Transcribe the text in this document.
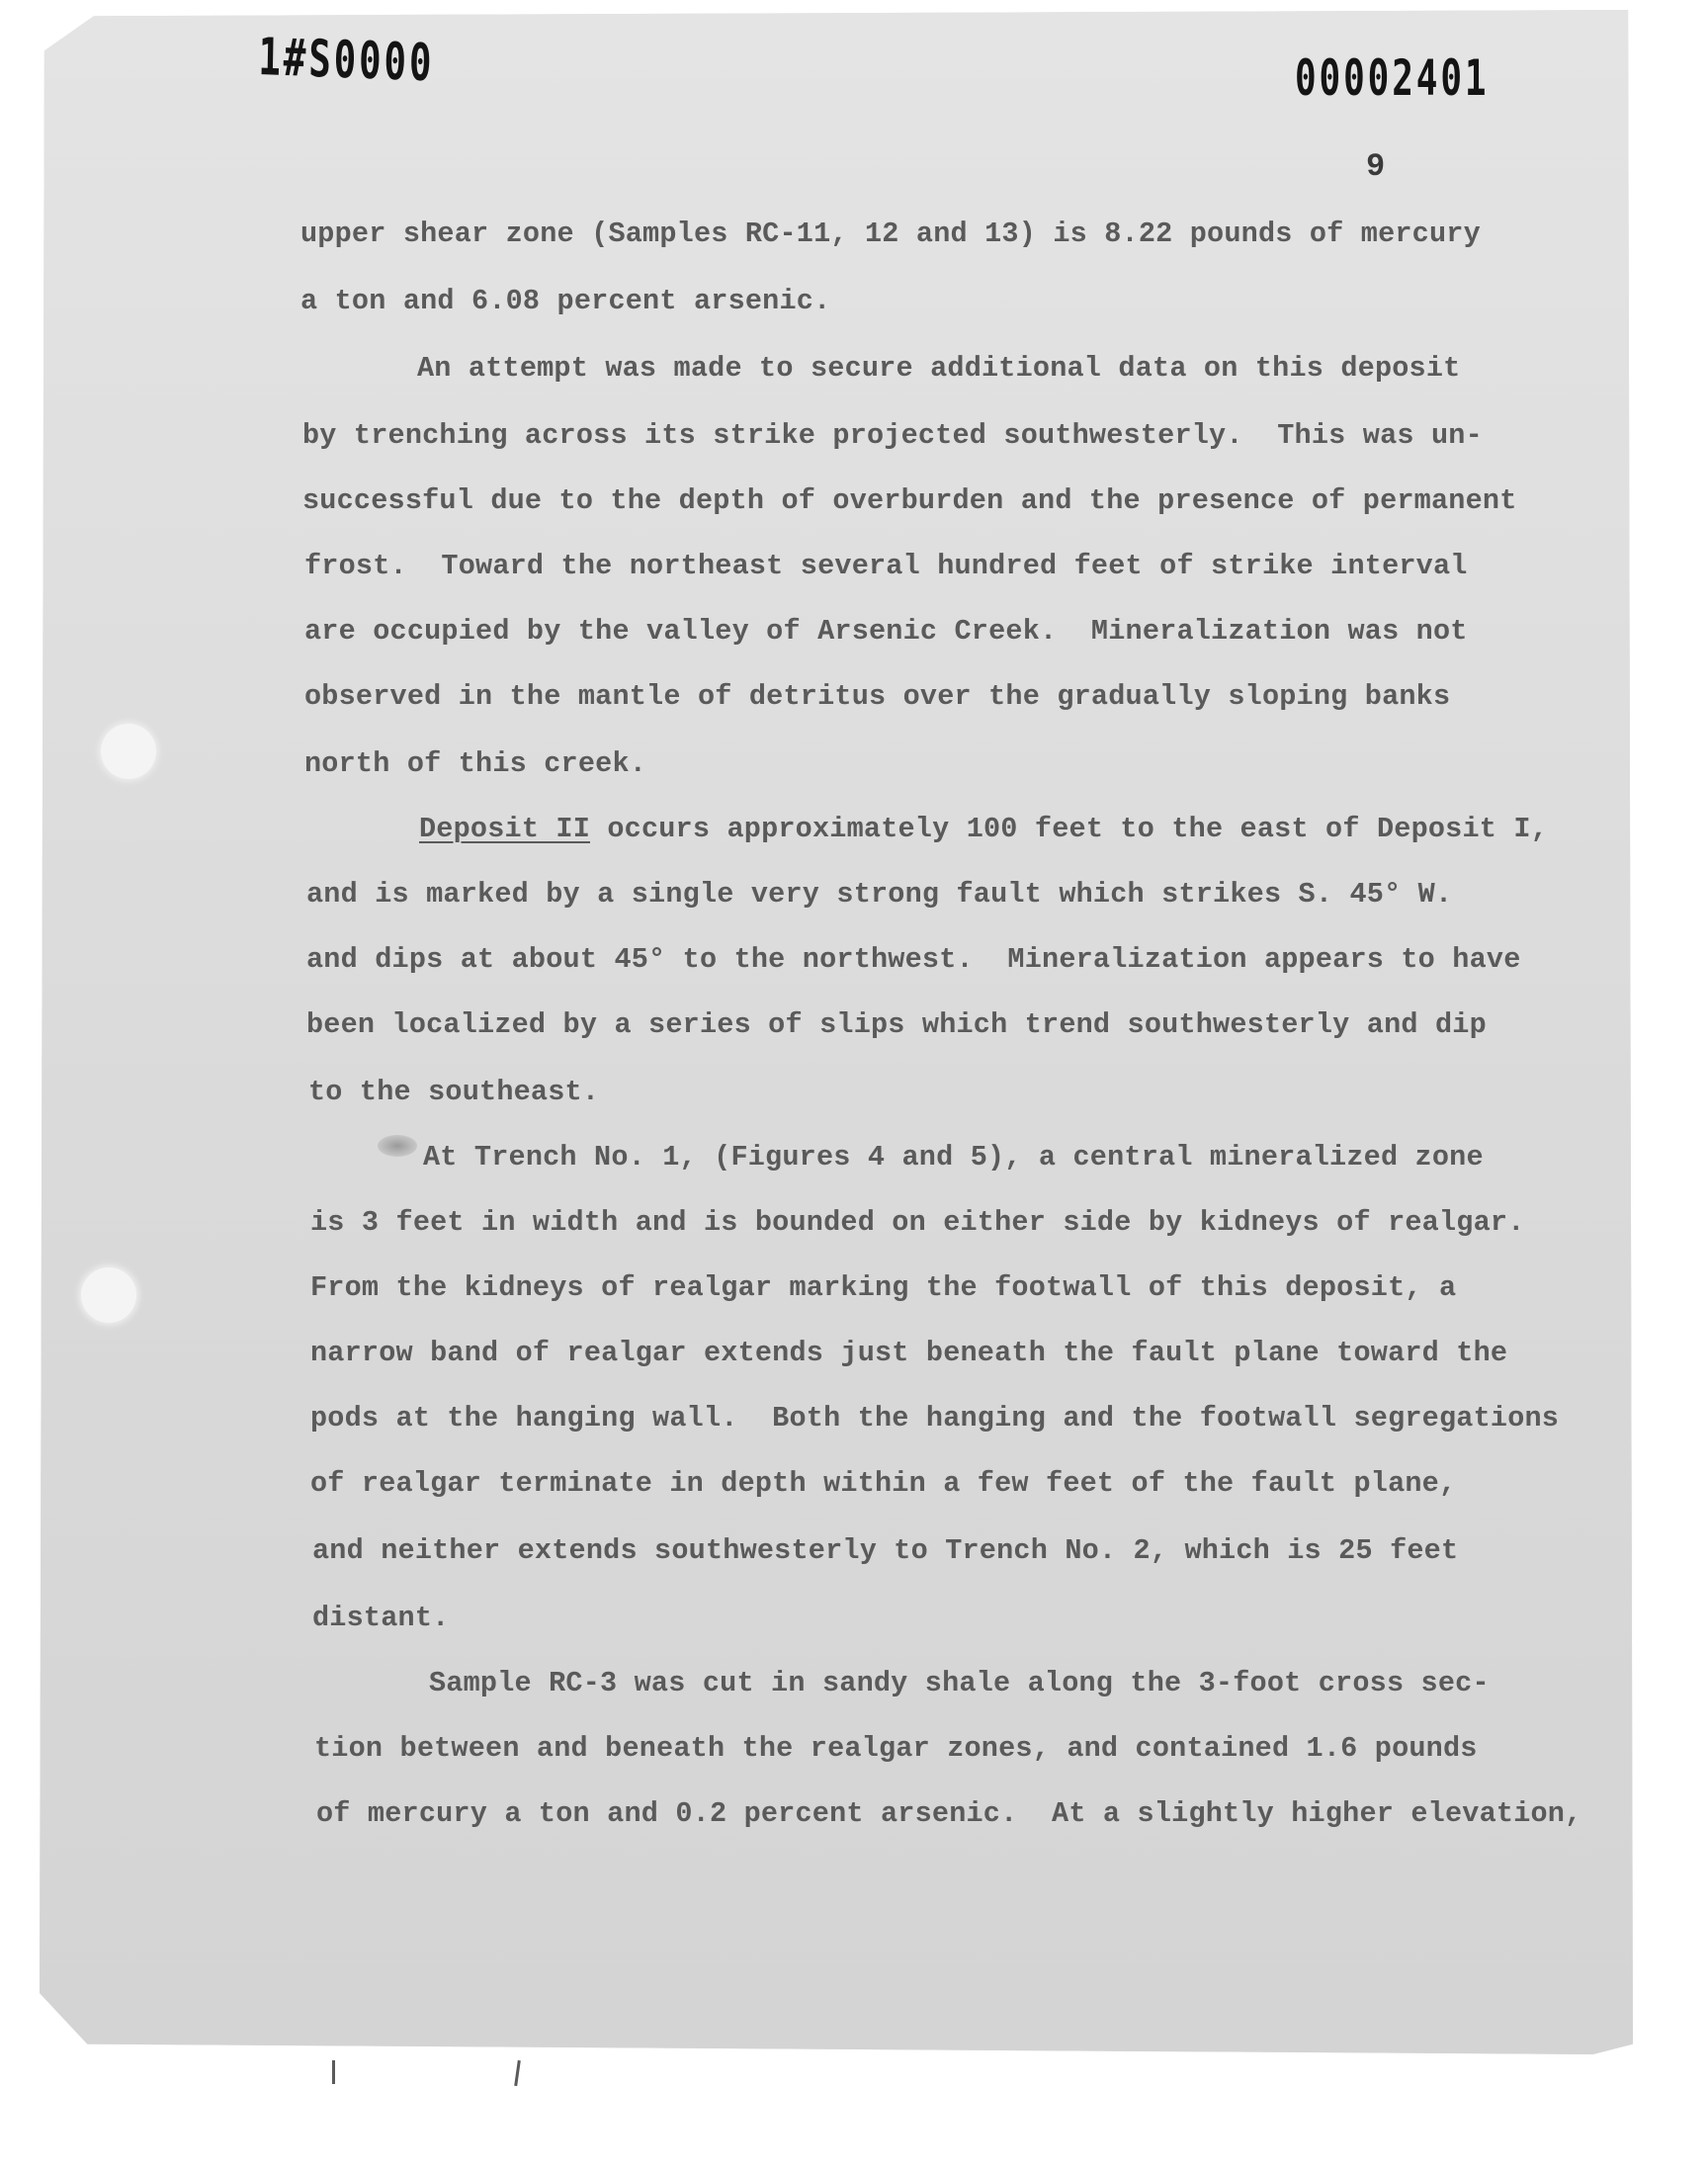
1#S0000	00002401
9
upper shear zone (Samples RC-11, 12 and 13) is 8.22 pounds of mercury
a ton and 6.08 percent arsenic.
An attempt was made to secure additional data on this deposit
by trenching across its strike projected southwesterly.  This was un-
successful due to the depth of overburden and the presence of permanent
frost.  Toward the northeast several hundred feet of strike interval
are occupied by the valley of Arsenic Creek.  Mineralization was not
observed in the mantle of detritus over the gradually sloping banks
north of this creek.
Deposit II occurs approximately 100 feet to the east of Deposit I,
and is marked by a single very strong fault which strikes S. 45° W.
and dips at about 45° to the northwest.  Mineralization appears to have
been localized by a series of slips which trend southwesterly and dip
to the southeast.
At Trench No. 1, (Figures 4 and 5), a central mineralized zone
is 3 feet in width and is bounded on either side by kidneys of realgar.
From the kidneys of realgar marking the footwall of this deposit, a
narrow band of realgar extends just beneath the fault plane toward the
pods at the hanging wall.  Both the hanging and the footwall segregations
of realgar terminate in depth within a few feet of the fault plane,
and neither extends southwesterly to Trench No. 2, which is 25 feet
distant.
Sample RC-3 was cut in sandy shale along the 3-foot cross sec-
tion between and beneath the realgar zones, and contained 1.6 pounds
of mercury a ton and 0.2 percent arsenic.  At a slightly higher elevation,
